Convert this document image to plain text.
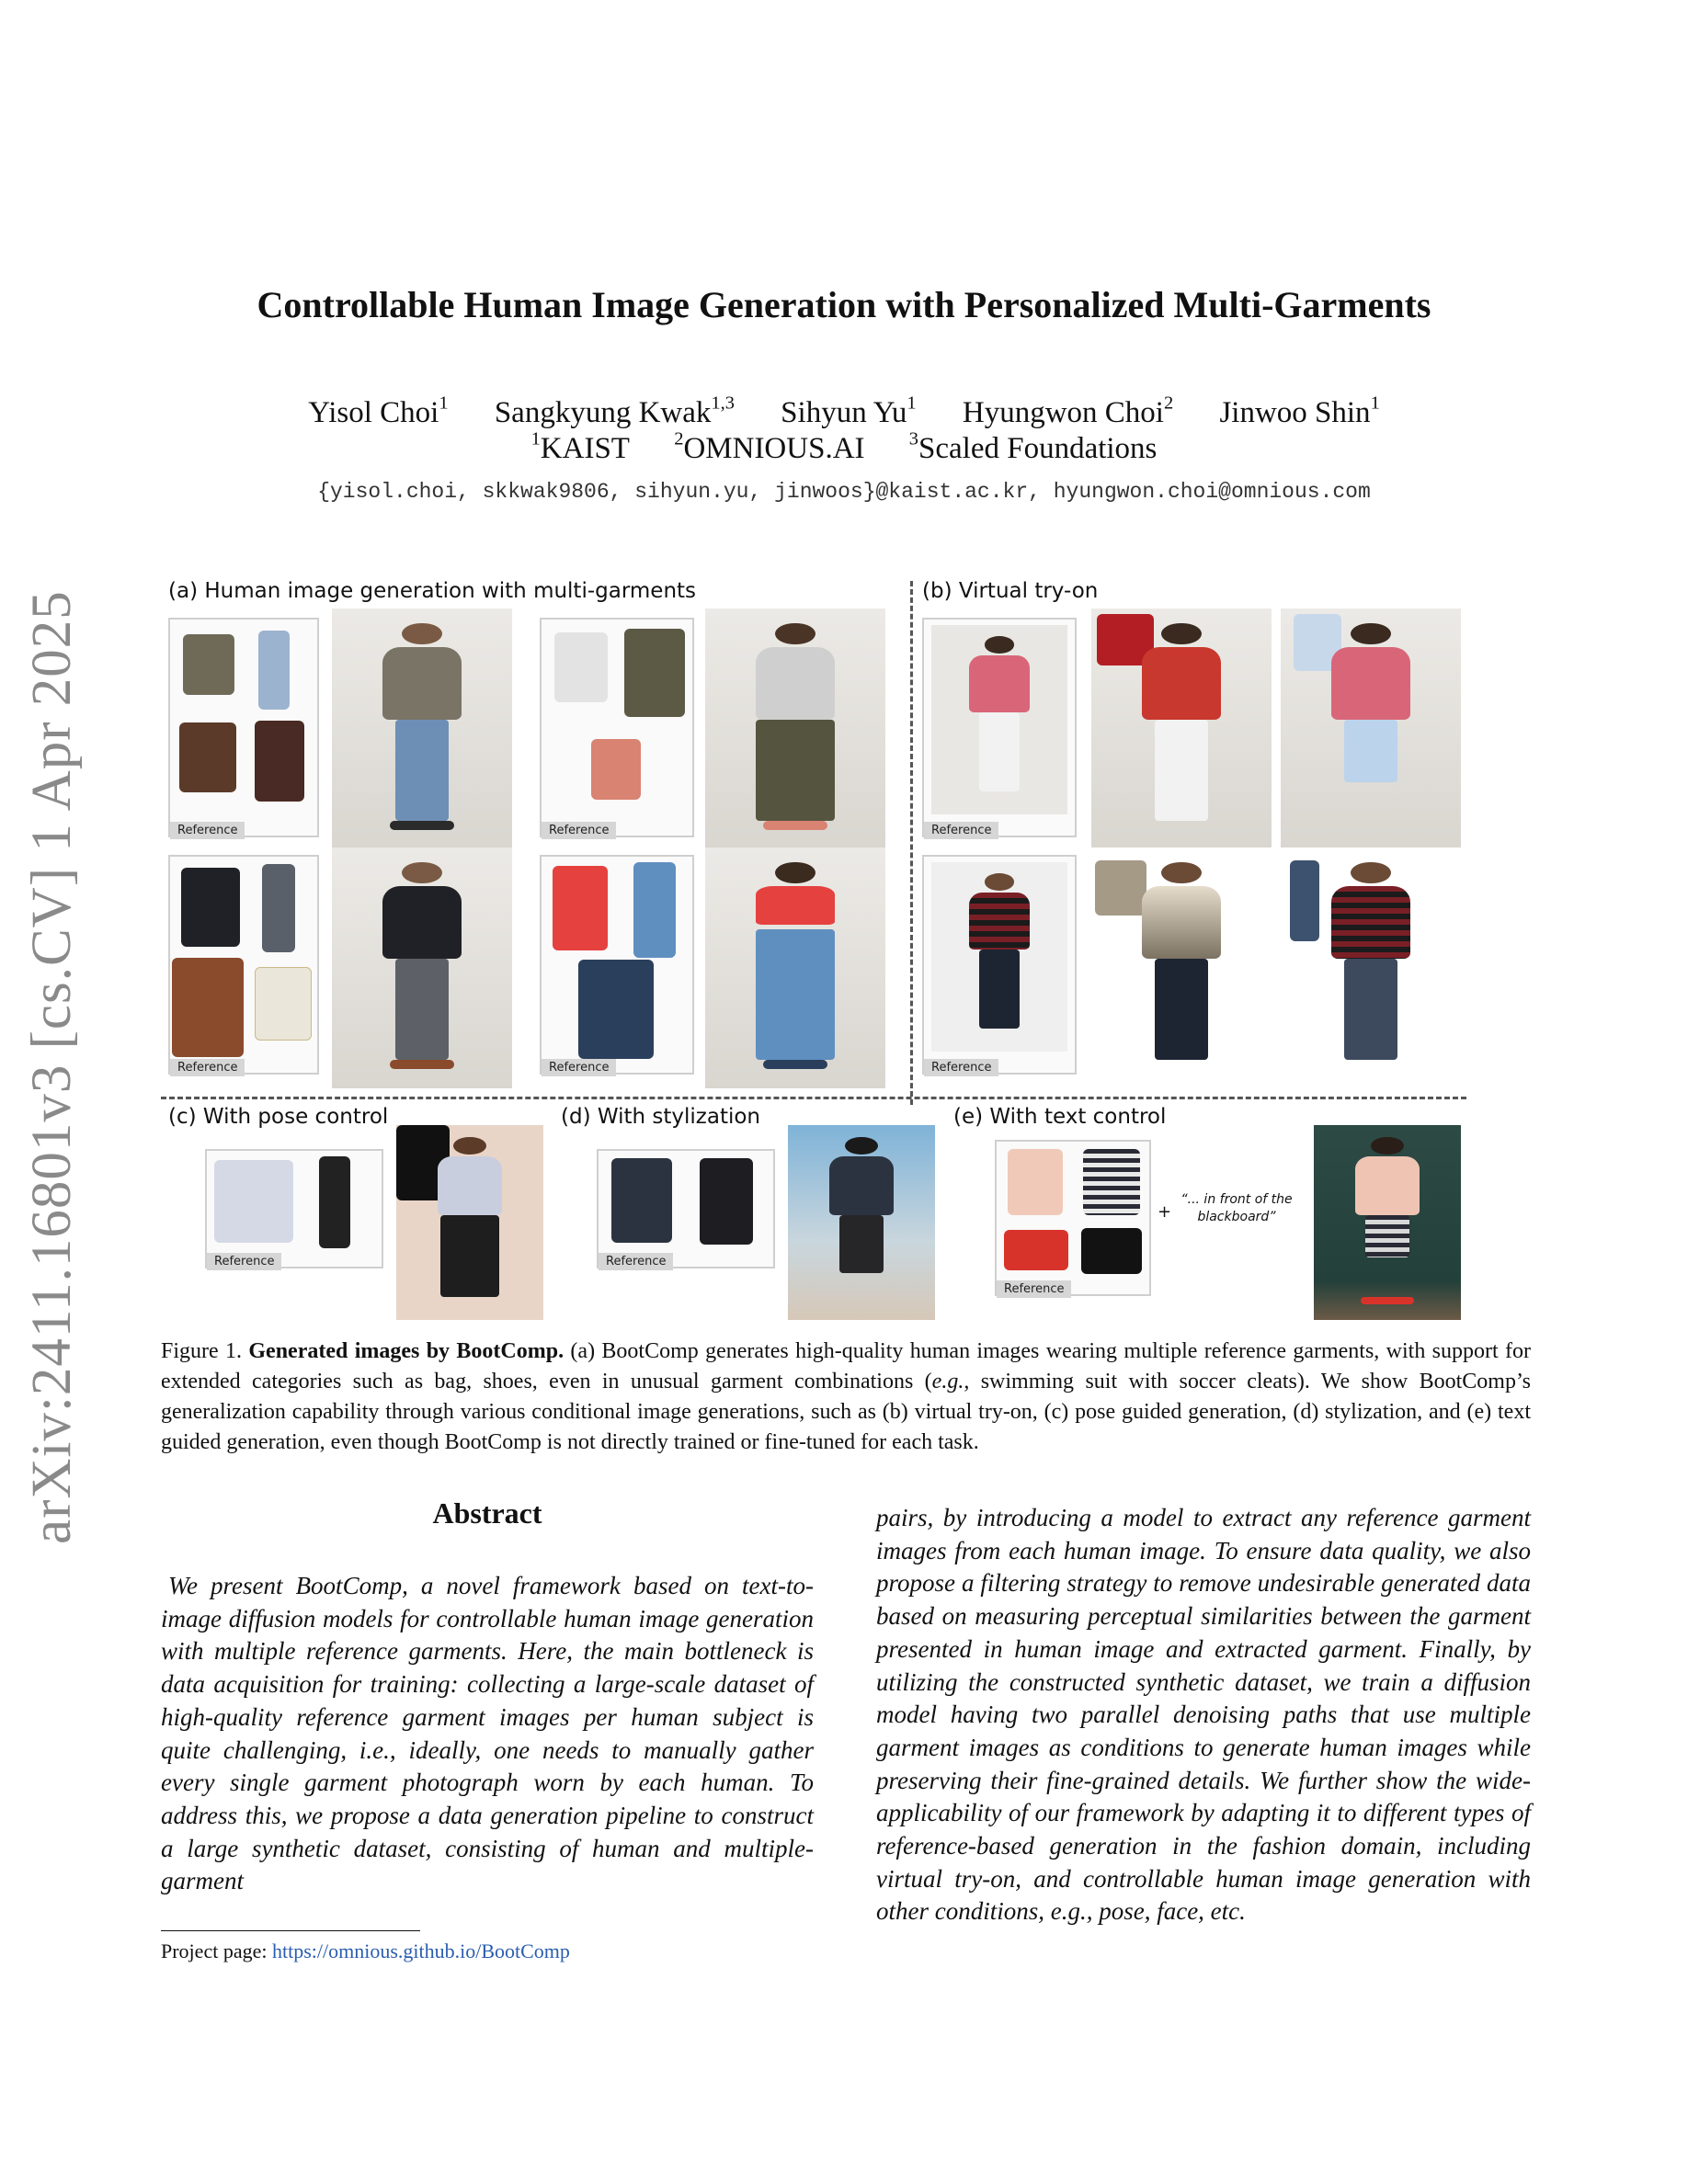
arXiv:2411.16801v3 [cs.CV] 1 Apr 2025
Controllable Human Image Generation with Personalized Multi-Garments
Yisol Choi$^1$ Sangkyung Kwak$^{1,3}$ Sihyun Yu$^1$ Hyungwon Choi$^2$ Jinwoo Shin$^1$
$^1$KAIST $^2$OMNIOUS.AI $^3$Scaled Foundations
{yisol.choi, skkwak9806, sihyun.yu, jinwoos}@kaist.ac.kr, hyungwon.choi@omnious.com
(a) Human image generation with multi-garments	(b) Virtual try-on
Reference	Reference
Reference	Reference
Reference
Reference
(c) With pose control	(d) With stylization	(e) With text control
Reference	Reference
Reference
+
“... in front of the blackboard”
Figure 1. Generated images by BootComp. (a) BootComp generates high-quality human images wearing multiple reference garments, with support for extended categories such as bag, shoes, even in unusual garment combinations (e.g., swimming suit with soccer cleats). We show BootComp’s generalization capability through various conditional image generations, such as (b) virtual try-on, (c) pose guided generation, (d) stylization, and (e) text guided generation, even though BootComp is not directly trained or fine-tuned for each task.
Abstract
We present BootComp, a novel framework based on text-to-image diffusion models for controllable human image generation with multiple reference garments. Here, the main bottleneck is data acquisition for training: collecting a large-scale dataset of high-quality reference garment images per human subject is quite challenging, i.e., ideally, one needs to manually gather every single garment photograph worn by each human. To address this, we propose a data generation pipeline to construct a large synthetic dataset, consisting of human and multiple-garment
pairs, by introducing a model to extract any reference garment images from each human image. To ensure data quality, we also propose a filtering strategy to remove undesirable generated data based on measuring perceptual similarities between the garment presented in human image and extracted garment. Finally, by utilizing the constructed synthetic dataset, we train a diffusion model having two parallel denoising paths that use multiple garment images as conditions to generate human images while preserving their fine-grained details. We further show the wide-applicability of our framework by adapting it to different types of reference-based generation in the fashion domain, including virtual try-on, and controllable human image generation with other conditions, e.g., pose, face, etc.
Project page: https://omnious.github.io/BootComp
